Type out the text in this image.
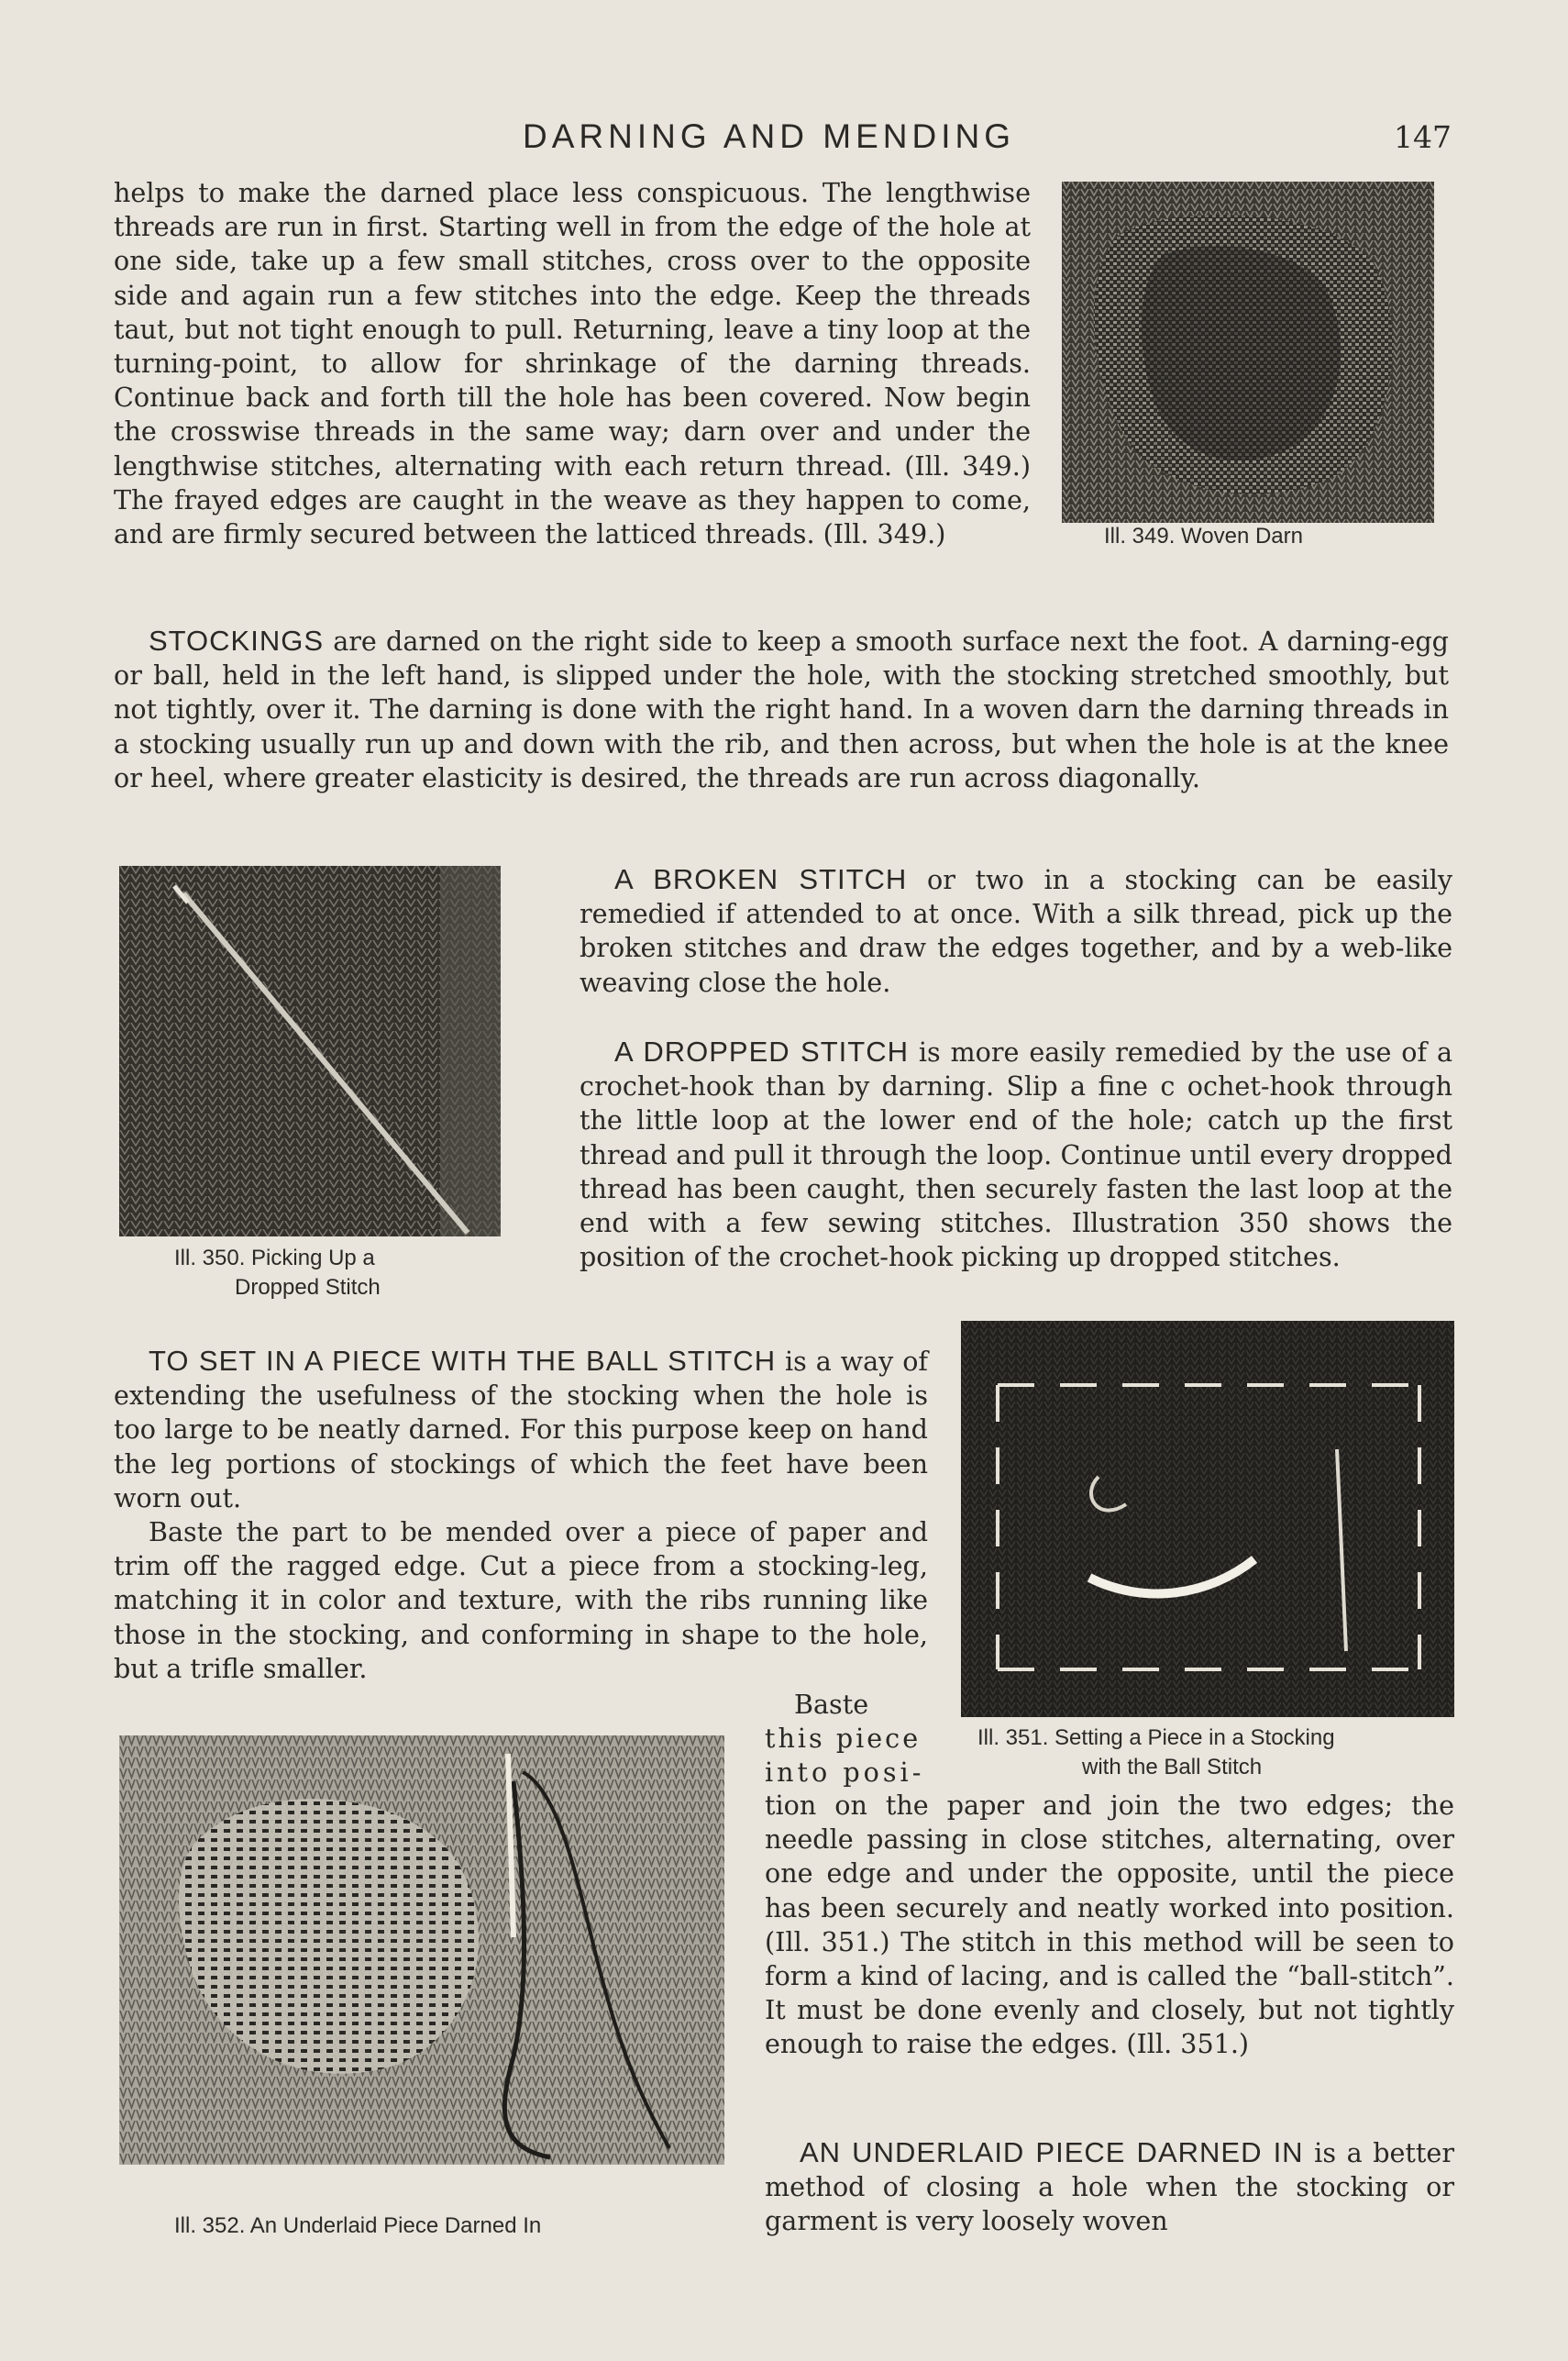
DARNING AND MENDING	147

helps to make the darned place less conspicuous. The lengthwise threads are run in first. Starting well in from the edge of the hole at one side, take up a few small stitches, cross over to the opposite side and again run a few stitches into the edge. Keep the threads taut, but not tight enough to pull. Returning, leave a tiny loop at the turning-point, to allow for shrinkage of the darning threads. Continue back and forth till the hole has been covered. Now begin the crosswise threads in the same way; darn over and under the lengthwise stitches, alternating with each return thread. (Ill. 349.) The frayed edges are caught in the weave as they happen to come, and are firmly secured between the latticed threads. (Ill. 349.)	Ill. 349. Woven Darn

STOCKINGS are darned on the right side to keep a smooth surface next the foot. A darning-egg or ball, held in the left hand, is slipped under the hole, with the stocking stretched smoothly, but not tightly, over it. The darning is done with the right hand. In a woven darn the darning threads in a stocking usually run up and down with the rib, and then across, but when the hole is at the knee or heel, where greater elasticity is desired, the threads are run across diagonally.

Ill. 350. Picking Up a

Dropped Stitch

A BROKEN STITCH or two in a stocking can be easily remedied if attended to at once. With a silk thread, pick up the broken stitches and draw the edges together, and by a web-like weaving close the hole.

A DROPPED STITCH is more easily remedied by the use of a crochet-hook than by darning. Slip a fine c ochet-hook through the little loop at the lower end of the hole; catch up the first thread and pull it through the loop. Continue until every dropped thread has been caught, then securely fasten the last loop at the end with a few sewing stitches. Illustration 350 shows the position of the crochet-hook picking up dropped stitches.

TO SET IN A PIECE WITH THE BALL STITCH is a way of extending the usefulness of the stocking when the hole is too large to be neatly darned. For this purpose keep on hand the leg portions of stockings of which the feet have been worn out.

Baste the part to be mended over a piece of paper and trim off the ragged edge. Cut a piece from a stocking-leg, matching it in color and texture, with the ribs running like those in the stocking, and conforming in shape to the hole, but a trifle smaller.

Baste

this piece

into posi-

Ill. 351. Setting a Piece in a Stocking

with the Ball Stitch

Ill. 352. An Underlaid Piece Darned In

tion on the paper and join the two edges; the needle passing in close stitches, alternating, over one edge and under the opposite, until the piece has been securely and neatly worked into position. (Ill. 351.) The stitch in this method will be seen to form a kind of lacing, and is called the “ball-stitch”. It must be done evenly and closely, but not tightly enough to raise the edges. (Ill. 351.)

AN UNDERLAID PIECE DARNED IN is a better method of closing a hole when the stocking or garment is very loosely woven
